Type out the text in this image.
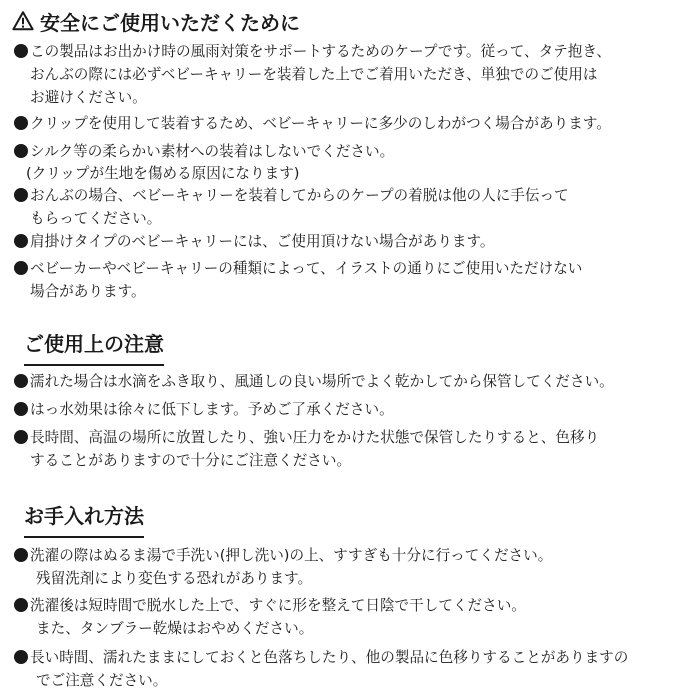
安全にご使用いただくために
この製品はお出かけ時の風雨対策をサポートするためのケープです。従って、タテ抱き、
おんぶの際には必ずベビーキャリーを装着した上でご着用いただき、単独でのご使用は
お避けください。
クリップを使用して装着するため、ベビーキャリーに多少のしわがつく場合があります。
シルク等の柔らかい素材への装着はしないでください。
(クリップが生地を傷める原因になります)
おんぶの場合、ベビーキャリーを装着してからのケープの着脱は他の人に手伝って
もらってください。
肩掛けタイプのベビーキャリーには、ご使用頂けない場合があります。
ベビーカーやベビーキャリーの種類によって、イラストの通りにご使用いただけない
場合があります。
ご使用上の注意
濡れた場合は水滴をふき取り、風通しの良い場所でよく乾かしてから保管してください。
はっ水効果は徐々に低下します。予めご了承ください。
長時間、高温の場所に放置したり、強い圧力をかけた状態で保管したりすると、色移り
することがありますので十分にご注意ください。
お手入れ方法
洗濯の際はぬるま湯で手洗い(押し洗い)の上、すすぎも十分に行ってください。
残留洗剤により変色する恐れがあります。
洗濯後は短時間で脱水した上で、すぐに形を整えて日陰で干してください。
また、タンブラー乾燥はおやめください。
長い時間、濡れたままにしておくと色落ちしたり、他の製品に色移りすることがありますの
でご注意ください。
